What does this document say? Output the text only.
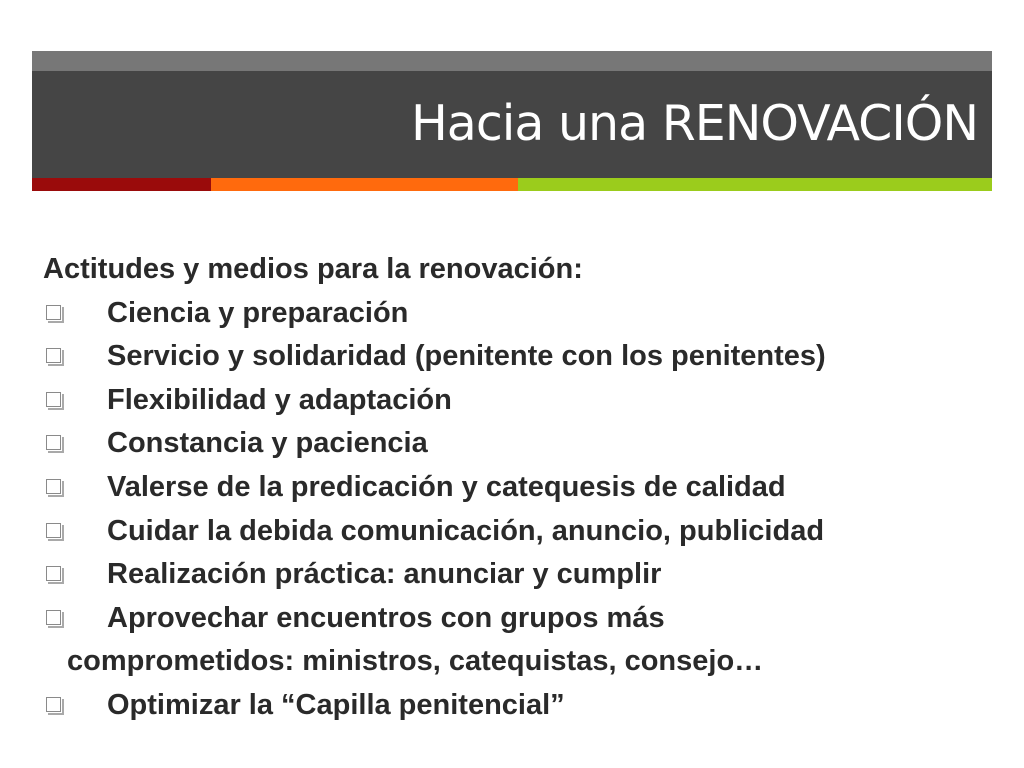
Hacia una RENOVACIÓN

Actitudes y medios para la renovación:

Ciencia y preparación
Servicio y solidaridad (penitente con los penitentes)
Flexibilidad y adaptación
Constancia y paciencia
Valerse de la predicación y catequesis de calidad
Cuidar la debida comunicación, anuncio, publicidad
Realización práctica: anunciar y cumplir
Aprovechar encuentros con grupos más
comprometidos: ministros, catequistas, consejo…
Optimizar la “Capilla penitencial”
